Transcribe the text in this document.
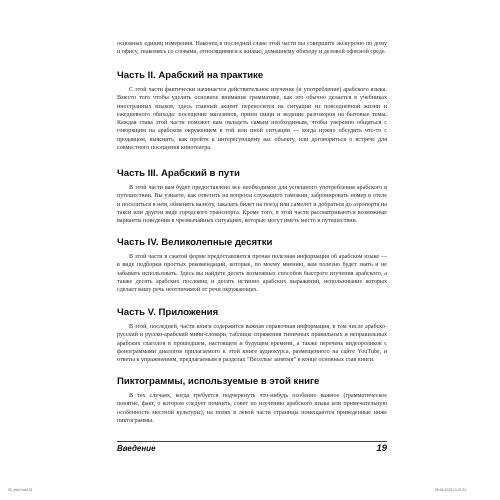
основных единиц измерения. Наконец в последней главе этой части вы совершите экскурсию по дому и офису, знакомясь со словами, относящимися к жилью, домашнему обиходу и деловой офисной среде.

Часть II. Арабский на практике

С этой части фактически начинается действительное изучение (и употребление) арабского языка. Вместо того чтобы уделять основное внимание грамматике, как это обычно делается в учебниках иностранных языков, здесь главный акцент переносится на ситуации из повседневной жизни и ежедневного обихода: посещение магазинов, прием пищи и ведение разговоров на бытовые темы. Каждая глава этой части поможет вам овладеть самым необходимым, чтобы уверенно общаться с говорящим на арабском окружением в той или иной ситуации — когда нужно обсудить что-то с продавцом, выяснить, как пройти к интересующему вас объекту, или договориться о встрече для совместного посещения кинотеатра.

Часть III. Арабский в пути

В этой части вам будет предоставлено все необходимое для успешного употребления арабского в путешествии. Вы узнаете, как ответить на вопросы служащего таможни, забронировать номер в отеле и поселиться в нем, обменять валюту, заказать билет на поезд или самолет и добраться до аэропорта на такси или другом виде городского транспорта. Кроме того, в этой части рассматриваются возможные варианты поведения в чрезвычайных ситуациях, которые могут иметь место в путешествии.

Часть IV. Великолепные десятки

В этой части в сжатой форме предоставляется прочая полезная информация об арабском языке — в виде подборки простых рекомендаций, которые, по моему мнению, вам полезно будет знать и не забывать использовать. Здесь вы найдете десять возможных способов быстрого изучения арабского, а также десять арабских пословиц и десять истинно арабских выражений, использование которых сделает вашу речь неотличимой от речи окружающих.

Часть V. Приложения

В этой, последней, части книги содержится важная справочная информация, в том числе арабско-русский и русско-арабский мини-словари, таблицы спряжения типичных правильных и неправильных арабских глаголов в прошедшем, настоящем и будущем времени, а также перечень видеороликов с фонограммами диалогов прилагаемого к этой книге аудиокурса, размещенного на сайте YouTube, и ответы к упражнениям, предлагаемым в разделах “Веселые занятия” в конце основных глав книги.

Пиктограммы, используемые в этой книге

В тех случаях, когда требуется подчеркнуть что-нибудь особенно важное (грамматическое понятие, факт, о котором следует помнить, совет по изучению арабского языка или примечательную особенность местной культуры), на полях в левой части страницы помещаются приведенные ниже пиктограммы.

Введение	19
02_intro.indd 19	08.04.2013 13:37:22
